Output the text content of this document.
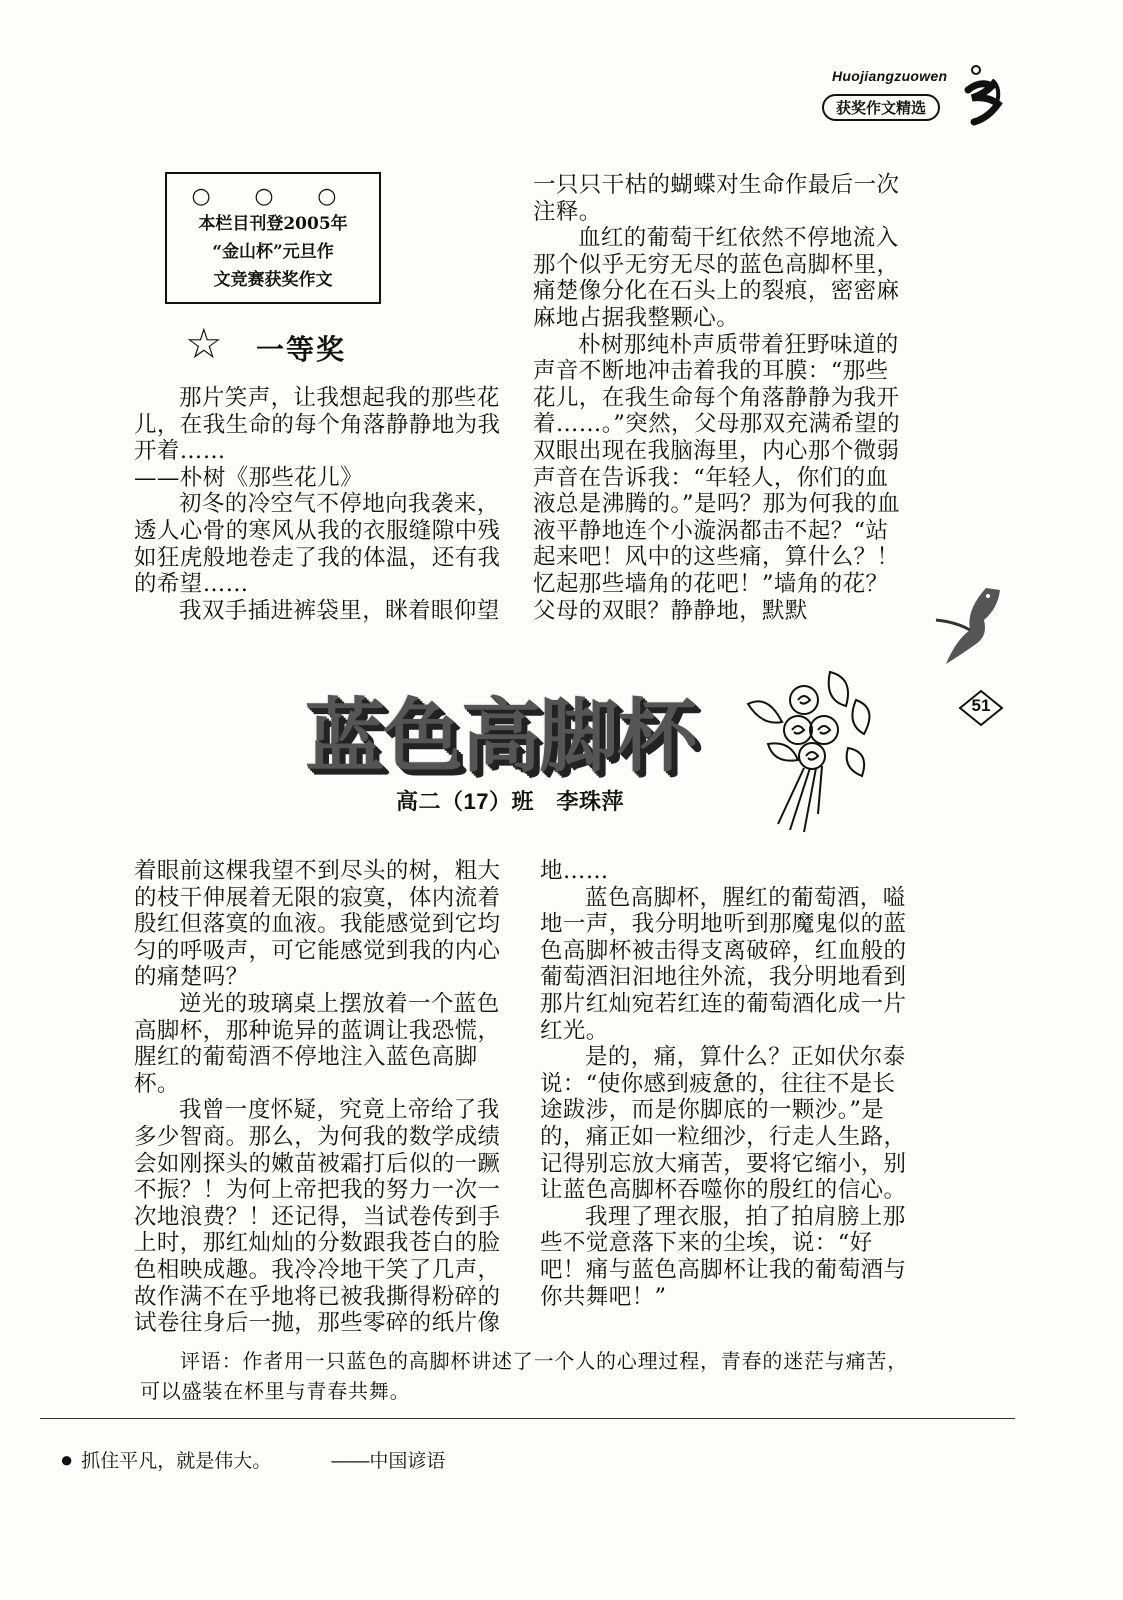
Huojiangzuowen
获奖作文精选
○ ○ ○
本栏目刊登2005年
“金山杯”元旦作
文竞赛获奖作文
☆ 一等奖

那片笑声，让我想起我的那些花儿，在我生命的每个角落静静地为我开着……

——朴树《那些花儿》

初冬的冷空气不停地向我袭来，透人心骨的寒风从我的衣服缝隙中残如狂虎般地卷走了我的体温，还有我的希望……

我双手插进裤袋里，眯着眼仰望

一只只干枯的蝴蝶对生命作最后一次注释。

血红的葡萄干红依然不停地流入那个似乎无穷无尽的蓝色高脚杯里，痛楚像分化在石头上的裂痕，密密麻麻地占据我整颗心。

朴树那纯朴声质带着狂野味道的声音不断地冲击着我的耳膜：“那些花儿，在我生命每个角落静静为我开着……。”突然，父母那双充满希望的双眼出现在我脑海里，内心那个微弱声音在告诉我：“年轻人，你们的血液总是沸腾的。”是吗？那为何我的血液平静地连个小漩涡都击不起？“站起来吧！风中的这些痛，算什么？！忆起那些墙角的花吧！”墙角的花？父母的双眼？静静地，默默

51
蓝色高脚杯
高二（17）班　李珠萍

着眼前这棵我望不到尽头的树，粗大的枝干伸展着无限的寂寞，体内流着殷红但落寞的血液。我能感觉到它均匀的呼吸声，可它能感觉到我的内心的痛楚吗？

逆光的玻璃桌上摆放着一个蓝色高脚杯，那种诡异的蓝调让我恐慌，腥红的葡萄酒不停地注入蓝色高脚杯。

我曾一度怀疑，究竟上帝给了我多少智商。那么，为何我的数学成绩会如刚探头的嫩苗被霜打后似的一蹶不振？！为何上帝把我的努力一次一次地浪费？！还记得，当试卷传到手上时，那红灿灿的分数跟我苍白的脸色相映成趣。我冷冷地干笑了几声，故作满不在乎地将已被我撕得粉碎的试卷往身后一抛，那些零碎的纸片像

地……

蓝色高脚杯，腥红的葡萄酒，嗌地一声，我分明地听到那魔鬼似的蓝色高脚杯被击得支离破碎，红血般的葡萄酒汩汩地往外流，我分明地看到那片红灿宛若红连的葡萄酒化成一片红光。

是的，痛，算什么？正如伏尔泰说：“使你感到疲惫的，往往不是长途跋涉，而是你脚底的一颗沙。”是的，痛正如一粒细沙，行走人生路，记得别忘放大痛苦，要将它缩小，别让蓝色高脚杯吞噬你的殷红的信心。

我理了理衣服，拍了拍肩膀上那些不觉意落下来的尘埃，说：“好吧！痛与蓝色高脚杯让我的葡萄酒与你共舞吧！”

评语：作者用一只蓝色的高脚杯讲述了一个人的心理过程，青春的迷茫与痛苦，可以盛装在杯里与青春共舞。
● 抓住平凡，就是伟大。	——中国谚语
